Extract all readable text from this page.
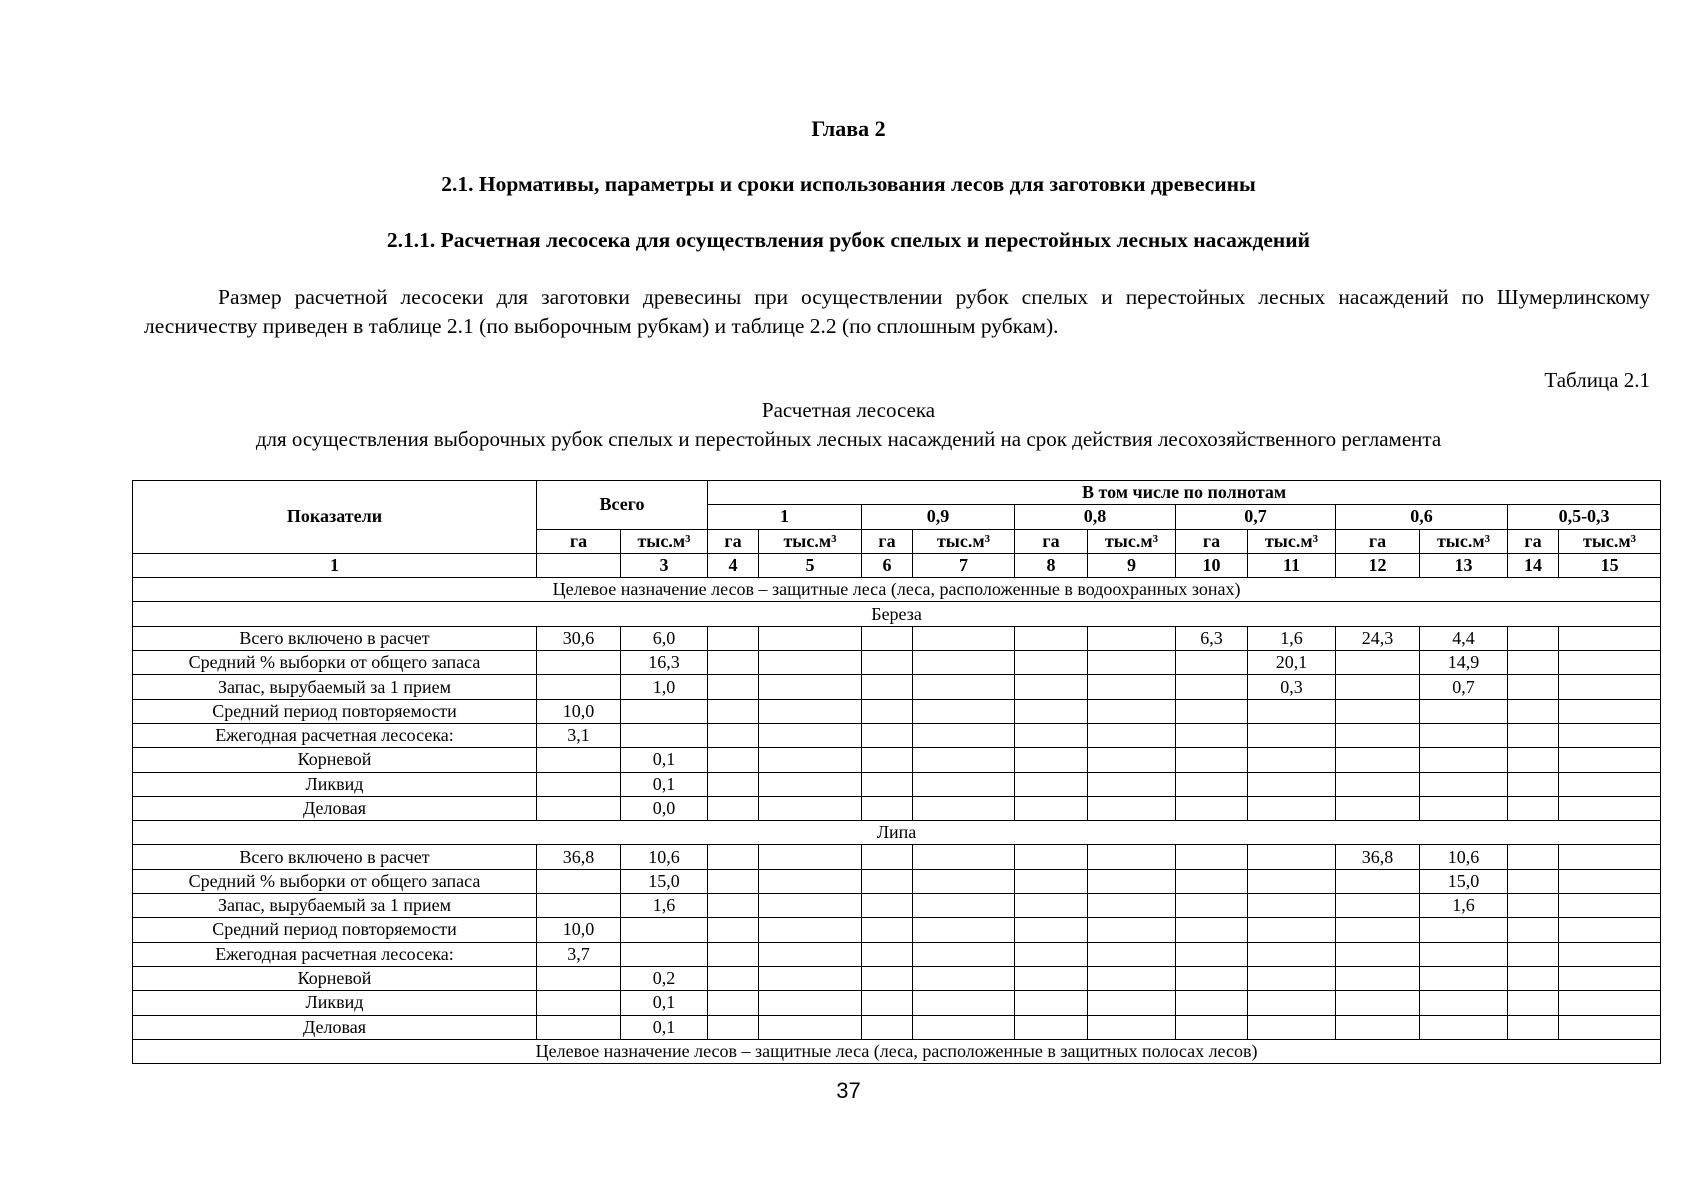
Глава 2
2.1. Нормативы, параметры и сроки использования лесов для заготовки древесины
2.1.1. Расчетная лесосека для осуществления рубок спелых и перестойных лесных насаждений
Размер расчетной лесосеки для заготовки древесины при осуществлении рубок спелых и перестойных лесных насаждений по Шумерлинскому лесничеству приведен в таблице 2.1 (по выборочным рубкам) и таблице 2.2 (по сплошным рубкам).
Таблица 2.1
Расчетная лесосека
для осуществления выборочных рубок спелых и перестойных лесных насаждений на срок действия лесохозяйственного регламента
Показатели	Всего		В том числе по полнотам											
			1		0,9		0,8		0,7		0,6		0,5-0,3	
	га	тыс.м³	га	тыс.м³	га	тыс.м³	га	тыс.м³	га	тыс.м³	га	тыс.м³	га	тыс.м³
1		3	4	5	6	7	8	9	10	11	12	13	14	15
Целевое назначение лесов – защитные леса (леса, расположенные в водоохранных зонах)														
Береза														
Всего включено в расчет	30,6	6,0							6,3	1,6	24,3	4,4		
Средний % выборки от общего запаса		16,3								20,1		14,9		
Запас, вырубаемый за 1 прием		1,0								0,3		0,7		
Средний период повторяемости	10,0													
Ежегодная расчетная лесосека:	3,1													
Корневой		0,1												
Ликвид		0,1												
Деловая		0,0												
Липа														
Всего включено в расчет	36,8	10,6									36,8	10,6		
Средний % выборки от общего запаса		15,0										15,0		
Запас, вырубаемый за 1 прием		1,6										1,6		
Средний период повторяемости	10,0													
Ежегодная расчетная лесосека:	3,7													
Корневой		0,2												
Ликвид		0,1												
Деловая		0,1												
Целевое назначение лесов – защитные леса (леса, расположенные в защитных полосах лесов)														
37
